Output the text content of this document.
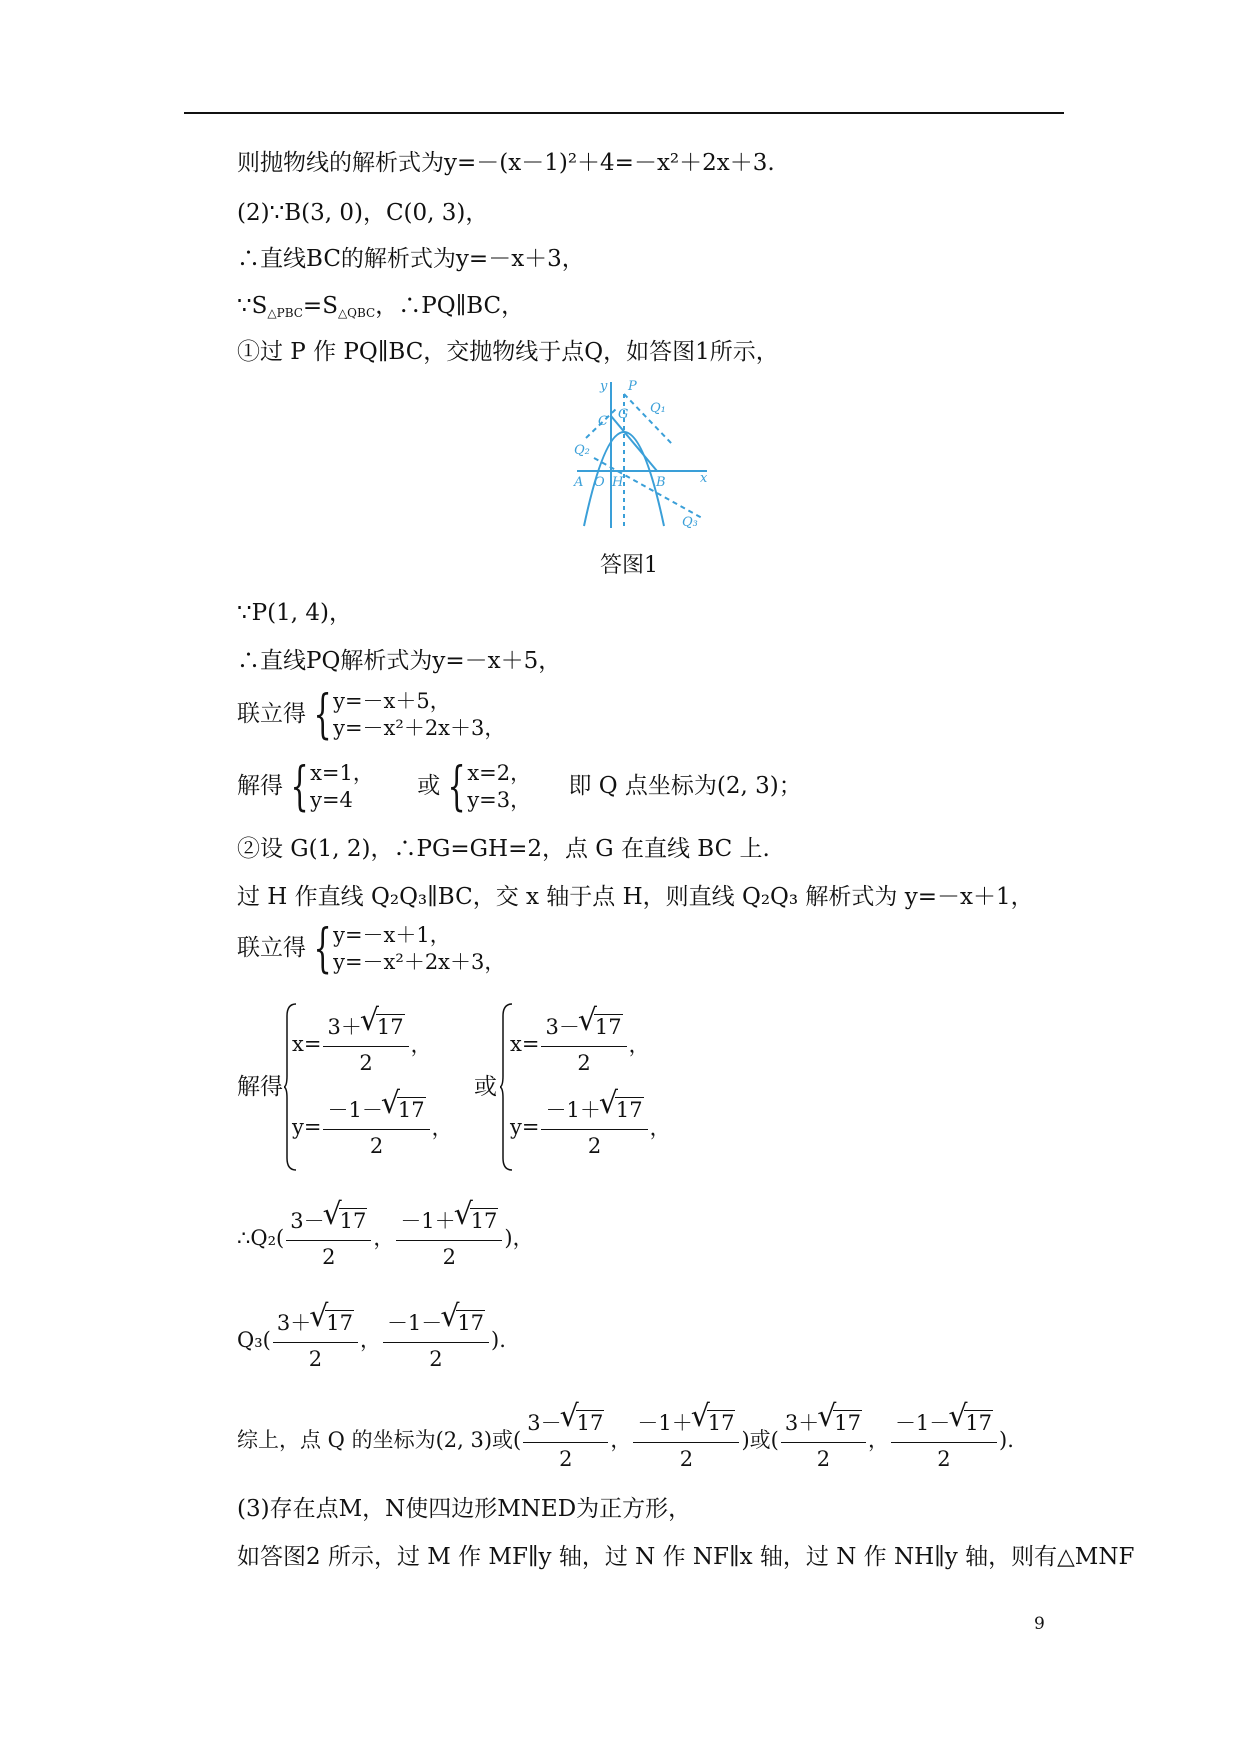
则抛物线的解析式为y=－(x－1)²＋4=－x²＋2x＋3.
(2)∵B(3, 0)，C(0, 3)，
∴直线BC的解析式为y=－x＋3，
$\because S_{\triangle PBC}=S_{\triangle QBC}$，∴PQ∥BC，
①过 P 作 PQ∥BC，交抛物线于点Q，如答图1所示，
y P
Q₁
C G
Q₂
A O H	B	x
Q₃
答图1
∵P(1, 4)，
∴直线PQ解析式为y=－x＋5，
联立得 { y=－x＋5，
y=－x²＋2x＋3，
解得 { x=1，
y=4
或 { x=2，
y=3，
即 Q 点坐标为(2, 3)；
②设 G(1, 2)，∴PG=GH=2，点 G 在直线 BC 上.
过 H 作直线 Q₂Q₃∥BC，交 x 轴于点 H，则直线 Q₂Q₃ 解析式为 y=－x＋1，
联立得 { y=－x＋1，
y=－x²＋2x＋3，
解得
$x= \frac{3+ √ 17}{2}$ ，
$y= \frac{-1- √ 17}{2}$ ，
或
$x= \frac{3- √ 17}{2}$ ，
$y= \frac{-1+ √ 17}{2}$ ，
∴Q₂( $\frac{3- √ 17}{2}$ ， $\frac{-1+ √ 17}{2}$ )，
$Q_3( \frac{3+ √ 17}{2}$ ， $\frac{-1- √ 17}{2}$ ).
综上，点 Q 的坐标为(2, 3)或( $\frac{3- √ 17}{2}$ ， $\frac{-1+ √ 17}{2}$ )或( $\frac{3+ √ 17}{2}$ ， $\frac{-1- √ 17}{2}$ ).
(3)存在点M，N使四边形MNED为正方形，
如答图2 所示，过 M 作 MF∥y 轴，过 N 作 NF∥x 轴，过 N 作 NH∥y 轴，则有△MNF
9
